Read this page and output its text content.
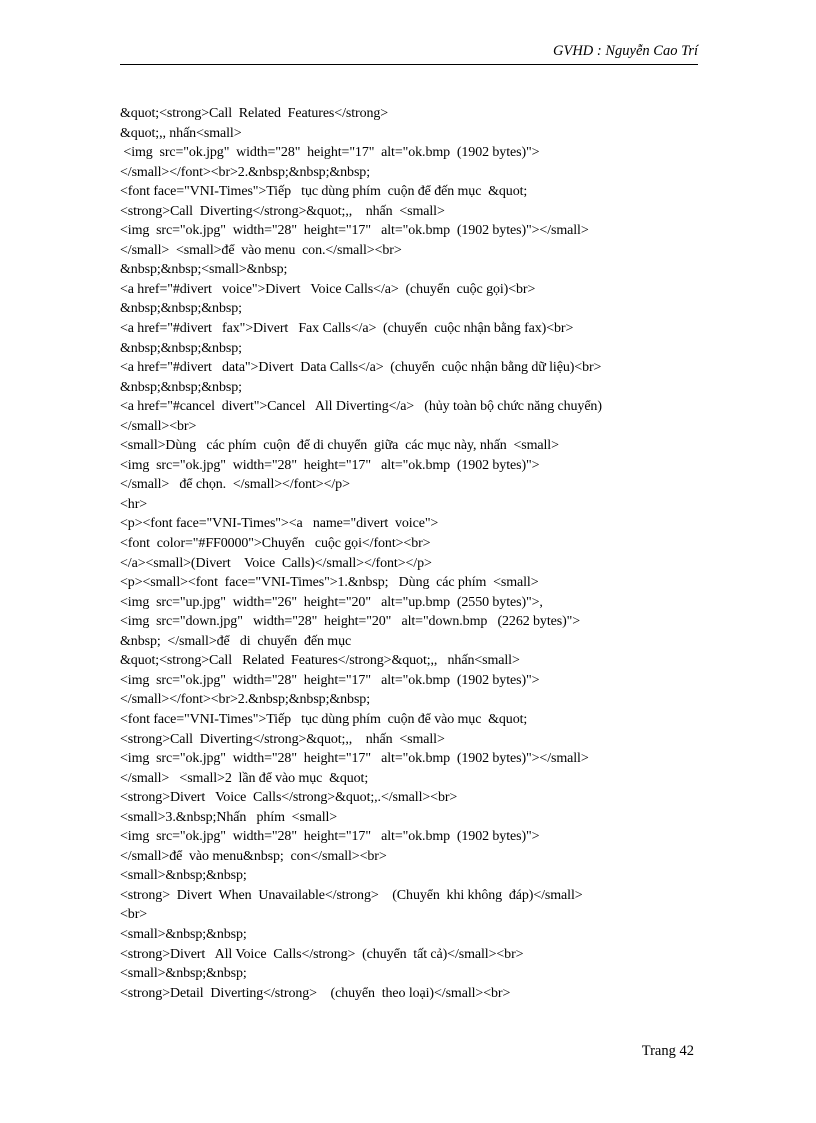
GVHD : Nguyễn Cao Trí
&quot;<strong>Call  Related  Features</strong>
&quot;,, nhấn<small>
<img  src="ok.jpg"  width="28"  height="17"  alt="ok.bmp  (1902 bytes)">
</small></font><br>2.&nbsp;&nbsp;&nbsp;
<font face="VNI-Times">Tiếp   tục dùng phím  cuộn để đến mục  &quot;
<strong>Call  Diverting</strong>&quot;,,    nhấn  <small>
<img  src="ok.jpg"  width="28"  height="17"   alt="ok.bmp  (1902 bytes)"></small>
</small>  <small>để  vào menu  con.</small><br>
&nbsp;&nbsp;<small>&nbsp;
<a href="#divert   voice">Divert   Voice Calls</a>  (chuyển  cuộc gọi)<br>
&nbsp;&nbsp;&nbsp;
<a href="#divert   fax">Divert   Fax Calls</a>  (chuyển  cuộc nhận bằng fax)<br>
&nbsp;&nbsp;&nbsp;
<a href="#divert   data">Divert  Data Calls</a>  (chuyển  cuộc nhận bằng dữ liệu)<br>
&nbsp;&nbsp;&nbsp;
<a href="#cancel  divert">Cancel   All Diverting</a>   (hủy toàn bộ chức năng chuyển)
</small><br>
<small>Dùng   các phím  cuộn  để di chuyển  giữa  các mục này, nhấn  <small>
<img  src="ok.jpg"  width="28"  height="17"   alt="ok.bmp  (1902 bytes)">
</small>   để chọn.  </small></font></p>
<hr>
<p><font face="VNI-Times"><a   name="divert  voice">
<font  color="#FF0000">Chuyển   cuộc gọi</font><br>
</a><small>(Divert    Voice  Calls)</small></font></p>
<p><small><font  face="VNI-Times">1.&nbsp;   Dùng  các phím  <small>
<img  src="up.jpg"  width="26"  height="20"   alt="up.bmp  (2550 bytes)">,
<img  src="down.jpg"   width="28"  height="20"   alt="down.bmp   (2262 bytes)">
&nbsp;  </small>để   di  chuyển  đến mục
&quot;<strong>Call   Related  Features</strong>&quot;,,   nhấn<small>
<img  src="ok.jpg"  width="28"  height="17"   alt="ok.bmp  (1902 bytes)">
</small></font><br>2.&nbsp;&nbsp;&nbsp;
<font face="VNI-Times">Tiếp   tục dùng phím  cuộn để vào mục  &quot;
<strong>Call  Diverting</strong>&quot;,,    nhấn  <small>
<img  src="ok.jpg"  width="28"  height="17"   alt="ok.bmp  (1902 bytes)"></small>
</small>   <small>2  lần để vào mục  &quot;
<strong>Divert   Voice  Calls</strong>&quot;,.</small><br>
<small>3.&nbsp;Nhấn   phím  <small>
<img  src="ok.jpg"  width="28"  height="17"   alt="ok.bmp  (1902 bytes)">
</small>để  vào menu&nbsp;  con</small><br>
<small>&nbsp;&nbsp;
<strong>  Divert  When  Unavailable</strong>    (Chuyển  khi không  đáp)</small>
<br>
<small>&nbsp;&nbsp;
<strong>Divert   All Voice  Calls</strong>  (chuyển  tất cả)</small><br>
<small>&nbsp;&nbsp;
<strong>Detail  Diverting</strong>    (chuyển  theo loại)</small><br>
Trang 42
